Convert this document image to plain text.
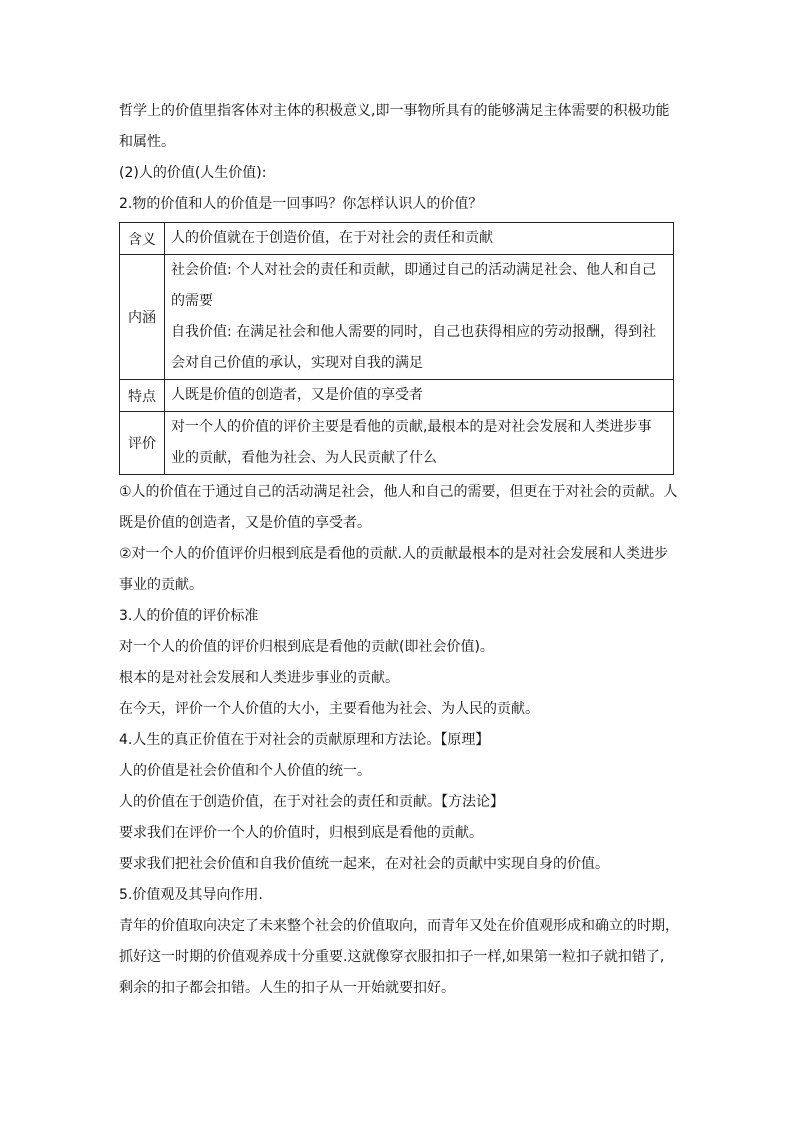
哲学上的价值里指客体对主体的积极意义,即一事物所具有的能够满足主体需要的积极功能

和属性。

(2)人的价值(人生价值):

2.物的价值和人的价值是一回事吗？你怎样认识人的价值？

含义	人的价值就在于创造价值，在于对社会的责任和贡献

内涵	社会价值: 个人对社会的责任和贡献，即通过自己的活动满足社会、他人和自己
的需要
自我价值: 在满足社会和他人需要的同时，自己也获得相应的劳动报酬，得到社
会对自己价值的承认，实现对自我的满足

特点	人既是价值的创造者，又是价值的享受者

评价	对一个人的价值的评价主要是看他的贡献,最根本的是对社会发展和人类进步事
业的贡献，看他为社会、为人民贡献了什么

①人的价值在于通过自己的活动满足社会，他人和自己的需要，但更在于对社会的贡献。人

既是价值的创造者，又是价值的享受者。

②对一个人的价值评价归根到底是看他的贡献.人的贡献最根本的是对社会发展和人类进步

事业的贡献。

3.人的价值的评价标准

对一个人的价值的评价归根到底是看他的贡献(即社会价值)。

根本的是对社会发展和人类进步事业的贡献。

在今天，评价一个人价值的大小，主要看他为社会、为人民的贡献。

4.人生的真正价值在于对社会的贡献原理和方法论。【原理】

人的价值是社会价值和个人价值的统一。

人的价值在于创造价值，在于对社会的责任和贡献。【方法论】

要求我们在评价一个人的价值时，归根到底是看他的贡献。

要求我们把社会价值和自我价值统一起来，在对社会的贡献中实现自身的价值。

5.价值观及其导向作用.

青年的价值取向决定了未来整个社会的价值取向，而青年又处在价值观形成和确立的时期，

抓好这一时期的价值观养成十分重要.这就像穿衣服扣扣子一样,如果第一粒扣子就扣错了,

剩余的扣子都会扣错。人生的扣子从一开始就要扣好。
